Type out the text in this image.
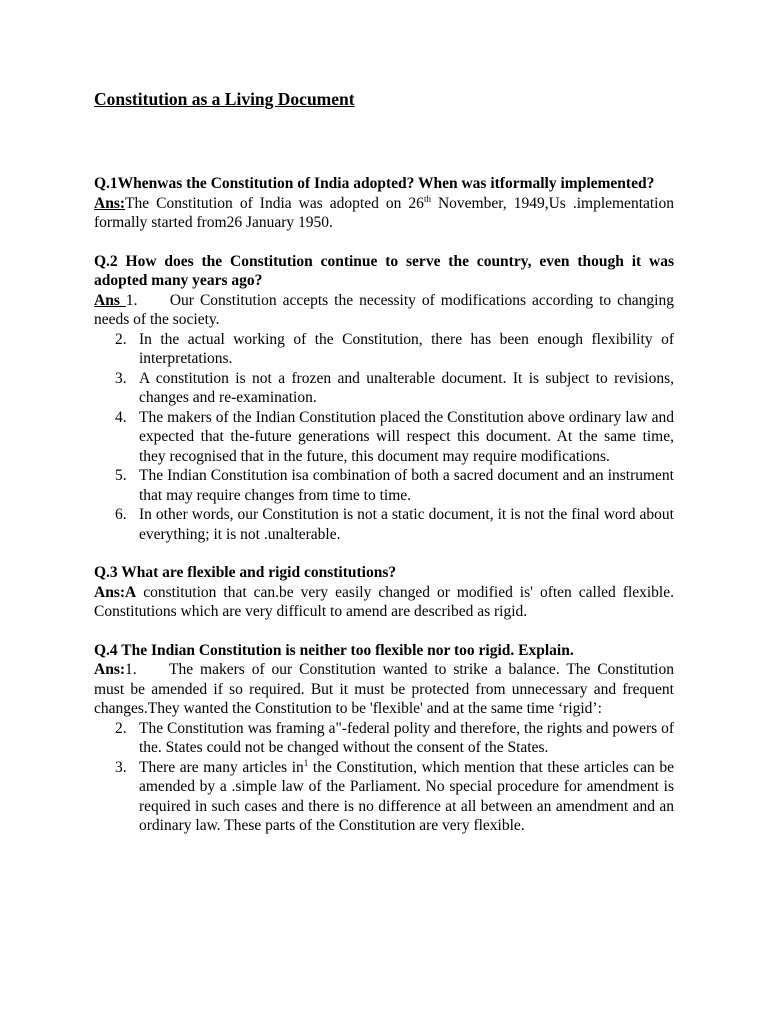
Constitution as a Living Document
Q.1Whenwas the Constitution of India adopted? When was itformally implemented?
Ans:The Constitution of India was adopted on 26th November, 1949,Us .implementation formally started from26 January 1950.
Q.2 How does the Constitution continue to serve the country, even though it was adopted many years ago?
Ans 1. Our Constitution accepts the necessity of modifications according to changing needs of the society.
2. In the actual working of the Constitution, there has been enough flexibility of interpretations.
3. A constitution is not a frozen and unalterable document. It is subject to revisions, changes and re-examination.
4. The makers of the Indian Constitution placed the Constitution above ordinary law and expected that the-future generations will respect this document. At the same time, they recognised that in the future, this document may require modifications.
5. The Indian Constitution isa combination of both a sacred document and an instrument that may require changes from time to time.
6. In other words, our Constitution is not a static document, it is not the final word about everything; it is not .unalterable.
Q.3 What are flexible and rigid constitutions?
Ans:A constitution that can.be very easily changed or modified is' often called flexible. Constitutions which are very difficult to amend are described as rigid.
Q.4 The Indian Constitution is neither too flexible nor too rigid. Explain.
Ans:1. The makers of our Constitution wanted to strike a balance. The Constitution must be amended if so required. But it must be protected from unnecessary and frequent changes.They wanted the Constitution to be 'flexible' and at the same time ‘rigid’:
2. The Constitution was framing a"-federal polity and therefore, the rights and powers of the. States could not be changed without the consent of the States.
3. There are many articles $in^1$ the Constitution, which mention that these articles can be amended by a .simple law of the Parliament. No special procedure for amendment is required in such cases and there is no difference at all between an amendment and an ordinary law. These parts of the Constitution are very flexible.
